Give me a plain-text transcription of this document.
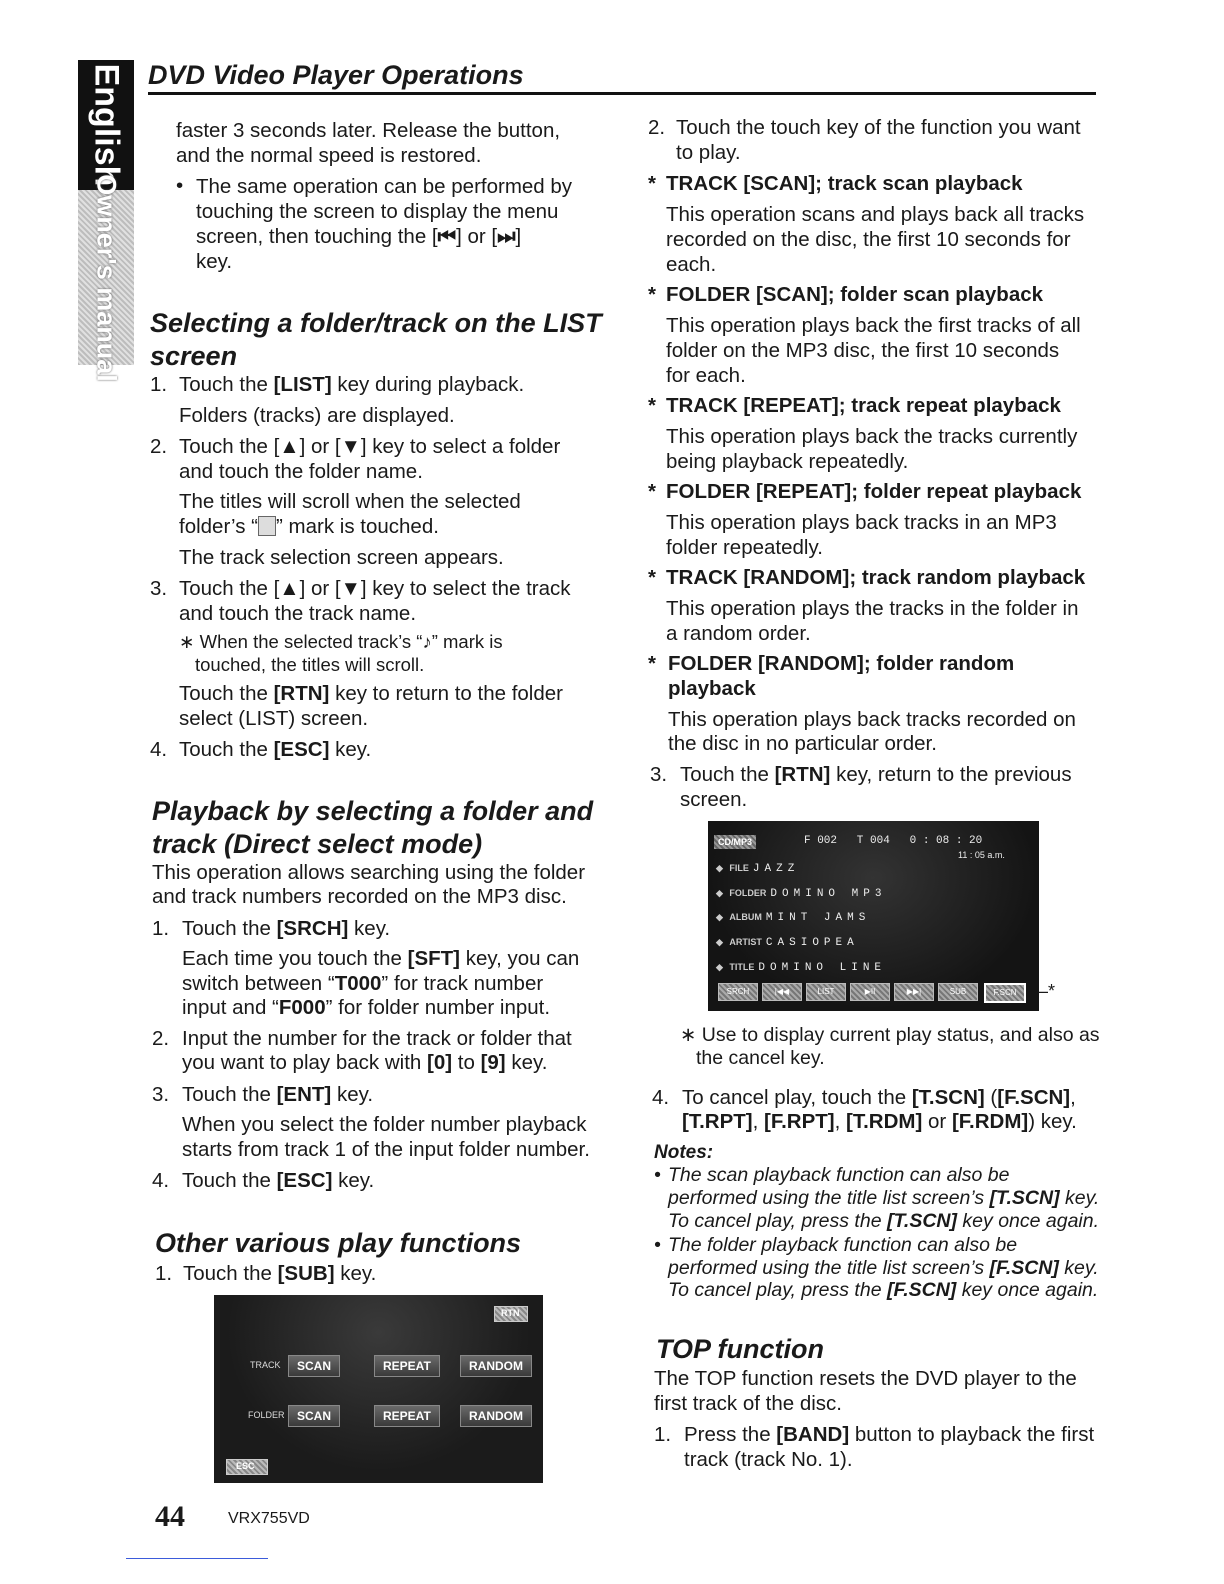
English
Owner's manual
DVD Video Player Operations
faster 3 seconds later. Release the button,
and the normal speed is restored.
• The same operation can be performed by
touching the screen to display the menu
screen, then touching the [⏮] or [⏭]
key.
Selecting a folder/track on the LIST
screen
1. Touch the [LIST] key during playback.
Folders (tracks) are displayed.
2. Touch the [▲] or [▼] key to select a folder
and touch the folder name.
The titles will scroll when the selected
folder’s “ ” mark is touched.
The track selection screen appears.
3. Touch the [▲] or [▼] key to select the track
and touch the track name.
∗ When the selected track’s “♪” mark is
touched, the titles will scroll.
Touch the [RTN] key to return to the folder
select (LIST) screen.
4. Touch the [ESC] key.
Playback by selecting a folder and
track (Direct select mode)
This operation allows searching using the folder
and track numbers recorded on the MP3 disc.
1. Touch the [SRCH] key.
Each time you touch the [SFT] key, you can
switch between “T000” for track number
input and “F000” for folder number input.
2. Input the number for the track or folder that
you want to play back with [0] to [9] key.
3. Touch the [ENT] key.
When you select the folder number playback
starts from track 1 of the input folder number.
4. Touch the [ESC] key.
Other various play functions
1. Touch the [SUB] key.
RTN
TRACK	SCAN	REPEAT	RANDOM
FOLDER	SCAN	REPEAT	RANDOM
ESC
2. Touch the touch key of the function you want
to play.
* TRACK [SCAN]; track scan playback
This operation scans and plays back all tracks
recorded on the disc, the first 10 seconds for
each.
* FOLDER [SCAN]; folder scan playback
This operation plays back the first tracks of all
folder on the MP3 disc, the first 10 seconds
for each.
* TRACK [REPEAT]; track repeat playback
This operation plays back the tracks currently
being playback repeatedly.
* FOLDER [REPEAT]; folder repeat playback
This operation plays back tracks in an MP3
folder repeatedly.
* TRACK [RANDOM]; track random playback
This operation plays the tracks in the folder in
a random order.
* FOLDER [RANDOM]; folder random
playback
This operation plays back tracks recorded on
the disc in no particular order.
3. Touch the [RTN] key, return to the previous
screen.
CD/MP3	F 002   T 004   0 : 08 : 20
11 : 05 a.m.
◆ FILE JAZZ
◆ FOLDER DOMINO MP3
◆ ALBUM MINT JAMS
◆ ARTIST CASIOPEA
◆ TITLE DOMINO LINE
SRCH	|◀◀	LIST	▶II	▶▶|	SUB	F.SCN	–*
∗ Use to display current play status, and also as
the cancel key.
4. To cancel play, touch the [T.SCN] ([F.SCN],
[T.RPT], [F.RPT], [T.RDM] or [F.RDM]) key.
Notes:
• The scan playback function can also be
performed using the title list screen’s [T.SCN] key.
To cancel play, press the [T.SCN] key once again.
• The folder playback function can also be
performed using the title list screen’s [F.SCN] key.
To cancel play, press the [F.SCN] key once again.
TOP function
The TOP function resets the DVD player to the
first track of the disc.
1. Press the [BAND] button to playback the first
track (track No. 1).
44	VRX755VD
